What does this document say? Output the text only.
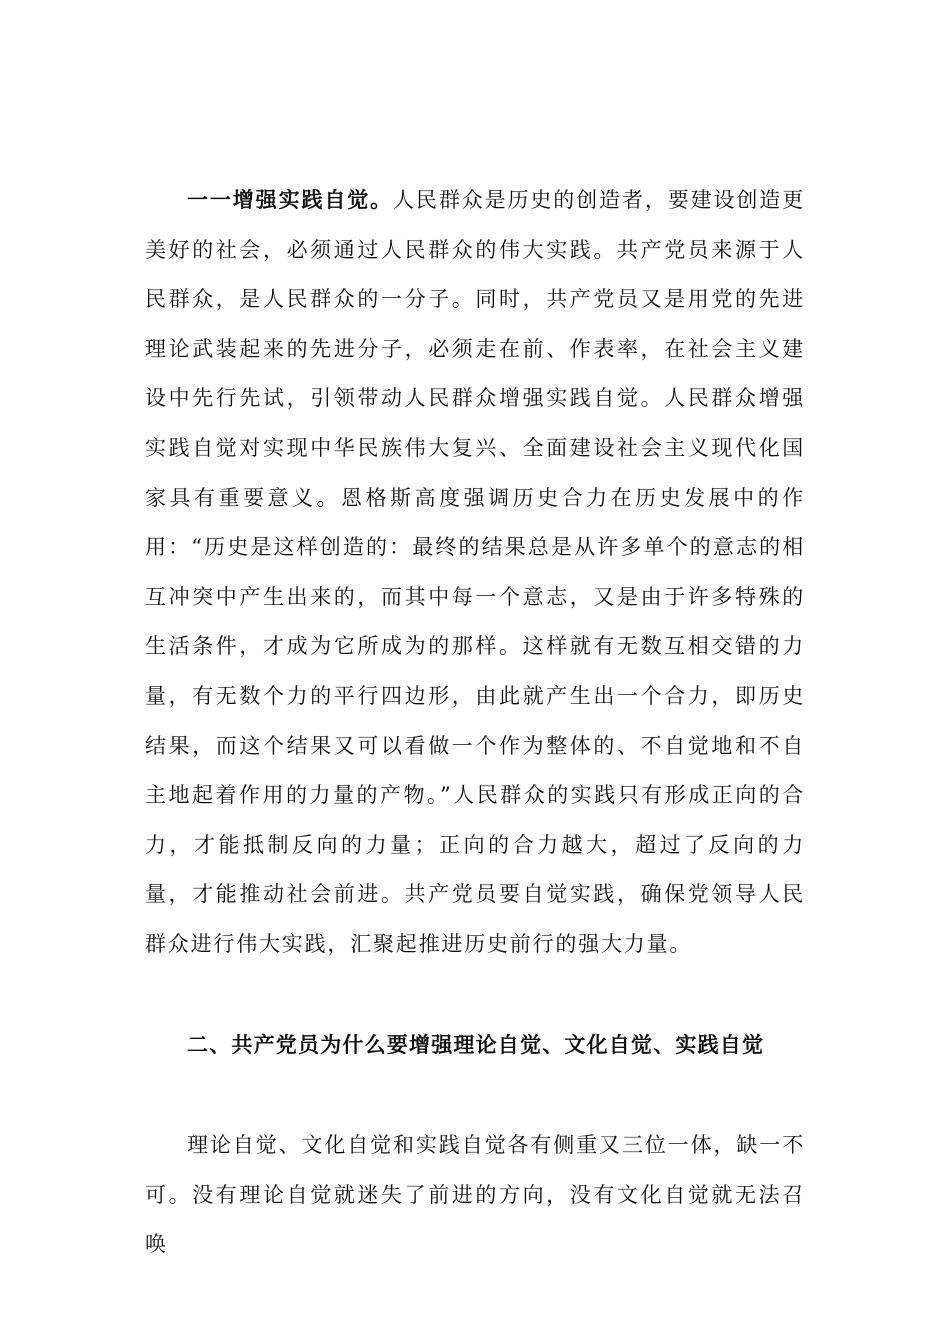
一一增强实践自觉。人民群众是历史的创造者，要建设创造更美好的社会，必须通过人民群众的伟大实践。共产党员来源于人民群众，是人民群众的一分子。同时，共产党员又是用党的先进理论武装起来的先进分子，必须走在前、作表率，在社会主义建设中先行先试，引领带动人民群众增强实践自觉。人民群众增强实践自觉对实现中华民族伟大复兴、全面建设社会主义现代化国家具有重要意义。恩格斯高度强调历史合力在历史发展中的作用：“历史是这样创造的：最终的结果总是从许多单个的意志的相互冲突中产生出来的，而其中每一个意志，又是由于许多特殊的生活条件，才成为它所成为的那样。这样就有无数互相交错的力量，有无数个力的平行四边形，由此就产生出一个合力，即历史结果，而这个结果又可以看做一个作为整体的、不自觉地和不自主地起着作用的力量的产物。”人民群众的实践只有形成正向的合力，才能抵制反向的力量；正向的合力越大，超过了反向的力量，才能推动社会前进。共产党员要自觉实践，确保党领导人民群众进行伟大实践，汇聚起推进历史前行的强大力量。

二、共产党员为什么要增强理论自觉、文化自觉、实践自觉

理论自觉、文化自觉和实践自觉各有侧重又三位一体，缺一不可。没有理论自觉就迷失了前进的方向，没有文化自觉就无法召唤
